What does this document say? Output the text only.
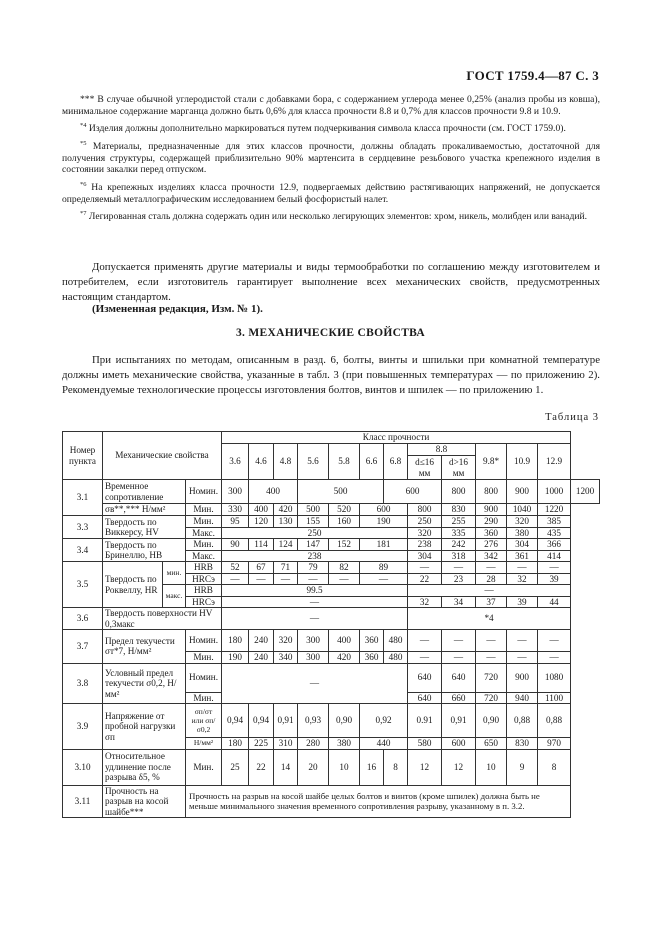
ГОСТ 1759.4—87 С. 3

*** В случае обычной углеродистой стали с добавками бора, с содержанием углерода менее 0,25% (анализ пробы из ковша), минимальное содержание марганца должно быть 0,6% для класса прочности 8.8 и 0,7% для классов прочности 9.8 и 10.9.

$^{*4}$ Изделия должны дополнительно маркироваться путем подчеркивания символа класса прочности (см. ГОСТ 1759.0).

$^{*5}$ Материалы, предназначенные для этих классов прочности, должны обладать прокаливаемостью, достаточной для получения структуры, содержащей приблизительно 90% мартенсита в сердцевине резьбового участка крепежного изделия в состоянии закалки перед отпуском.

$^{*6}$ На крепежных изделиях класса прочности 12.9, подвергаемых действию растягивающих напряжений, не допускается определяемый металлографическим исследованием белый фосфористый налет.

$^{*7}$ Легированная сталь должна содержать один или несколько легирующих элементов: хром, никель, молибден или ванадий.

Допускается применять другие материалы и виды термообработки по соглашению между изготовителем и потребителем, если изготовитель гарантирует выполнение всех механических свойств, предусмотренных настоящим стандартом.

(Измененная редакция, Изм. № 1).
3. МЕХАНИЧЕСКИЕ СВОЙСТВА

При испытаниях по методам, описанным в разд. 6, болты, винты и шпильки при комнатной температуре должны иметь механические свойства, указанные в табл. 3 (при повышенных температурах — по приложению 2). Рекомендуемые технологические процессы изготовления болтов, винтов и шпилек — по приложению 1.

Таблица 3
Номер пункта	Механические свойства			Класс прочности												
				3.6	4.6	4.8	5.6	5.8	6.6	6.8	8.8		9.8*	10.9	12.9	
											d≤16 мм	d>16 мм				
3.1	Временное сопротивление		Номин.	300	400		500			600		800	800	900	1000	1200
	σв**,*** Н/мм²		Мин.	330	400	420	500	520	600		800	830	900	1040	1220	
3.3	Твердость по Виккерсу, HV		Мин.	95	120	130	155	160	190		250	255	290	320	385	
			Макс.	250							320	335	360	380	435	
3.4	Твердость по Бринеллю, HB		Мин.	90	114	124	147	152	181		238	242	276	304	366	
			Макс.	238							304	318	342	361	414	
3.5	Твердость по Роквеллу, HR	мин.	HRB	52	67	71	79	82	89		—	—	—	—	—	
			HRCэ	—	—	—	—	—	—		22	23	28	32	39	
		макс.	HRB	99.5							—					
			HRCэ	—							32	34	37	39	44	
3.6	Твердость поверхности HV 0,3макс			—							*4					
3.7	Предел текучести σт*7, Н/мм²		Номин.	180	240	320	300	400	360	480	—	—	—	—	—	
			Мин.	190	240	340	300	420	360	480	—	—	—	—	—	
3.8	Условный предел текучести σ0,2, Н/мм²		Номин.	—							640	640	720	900	1080	
			Мин.								640	660	720	940	1100	
3.9	Напряжение от пробной нагрузки σп		σп/σт или σп/σ0,2	0,94	0,94	0,91	0,93	0,90	0,92		0.91	0,91	0,90	0,88	0,88	
			Н/мм²	180	225	310	280	380	440		580	600	650	830	970	
3.10	Относительное удлинение после разрыва δ5, %		Мин.	25	22	14	20	10	16	8	12	12	10	9	8	
3.11	Прочность на разрыв на косой шайбе***		Прочность на разрыв на косой шайбе целых болтов и винтов (кроме шпилек) должна быть не меньше минимального значения временного сопротивления разрыву, указанному в п. 3.2.													
